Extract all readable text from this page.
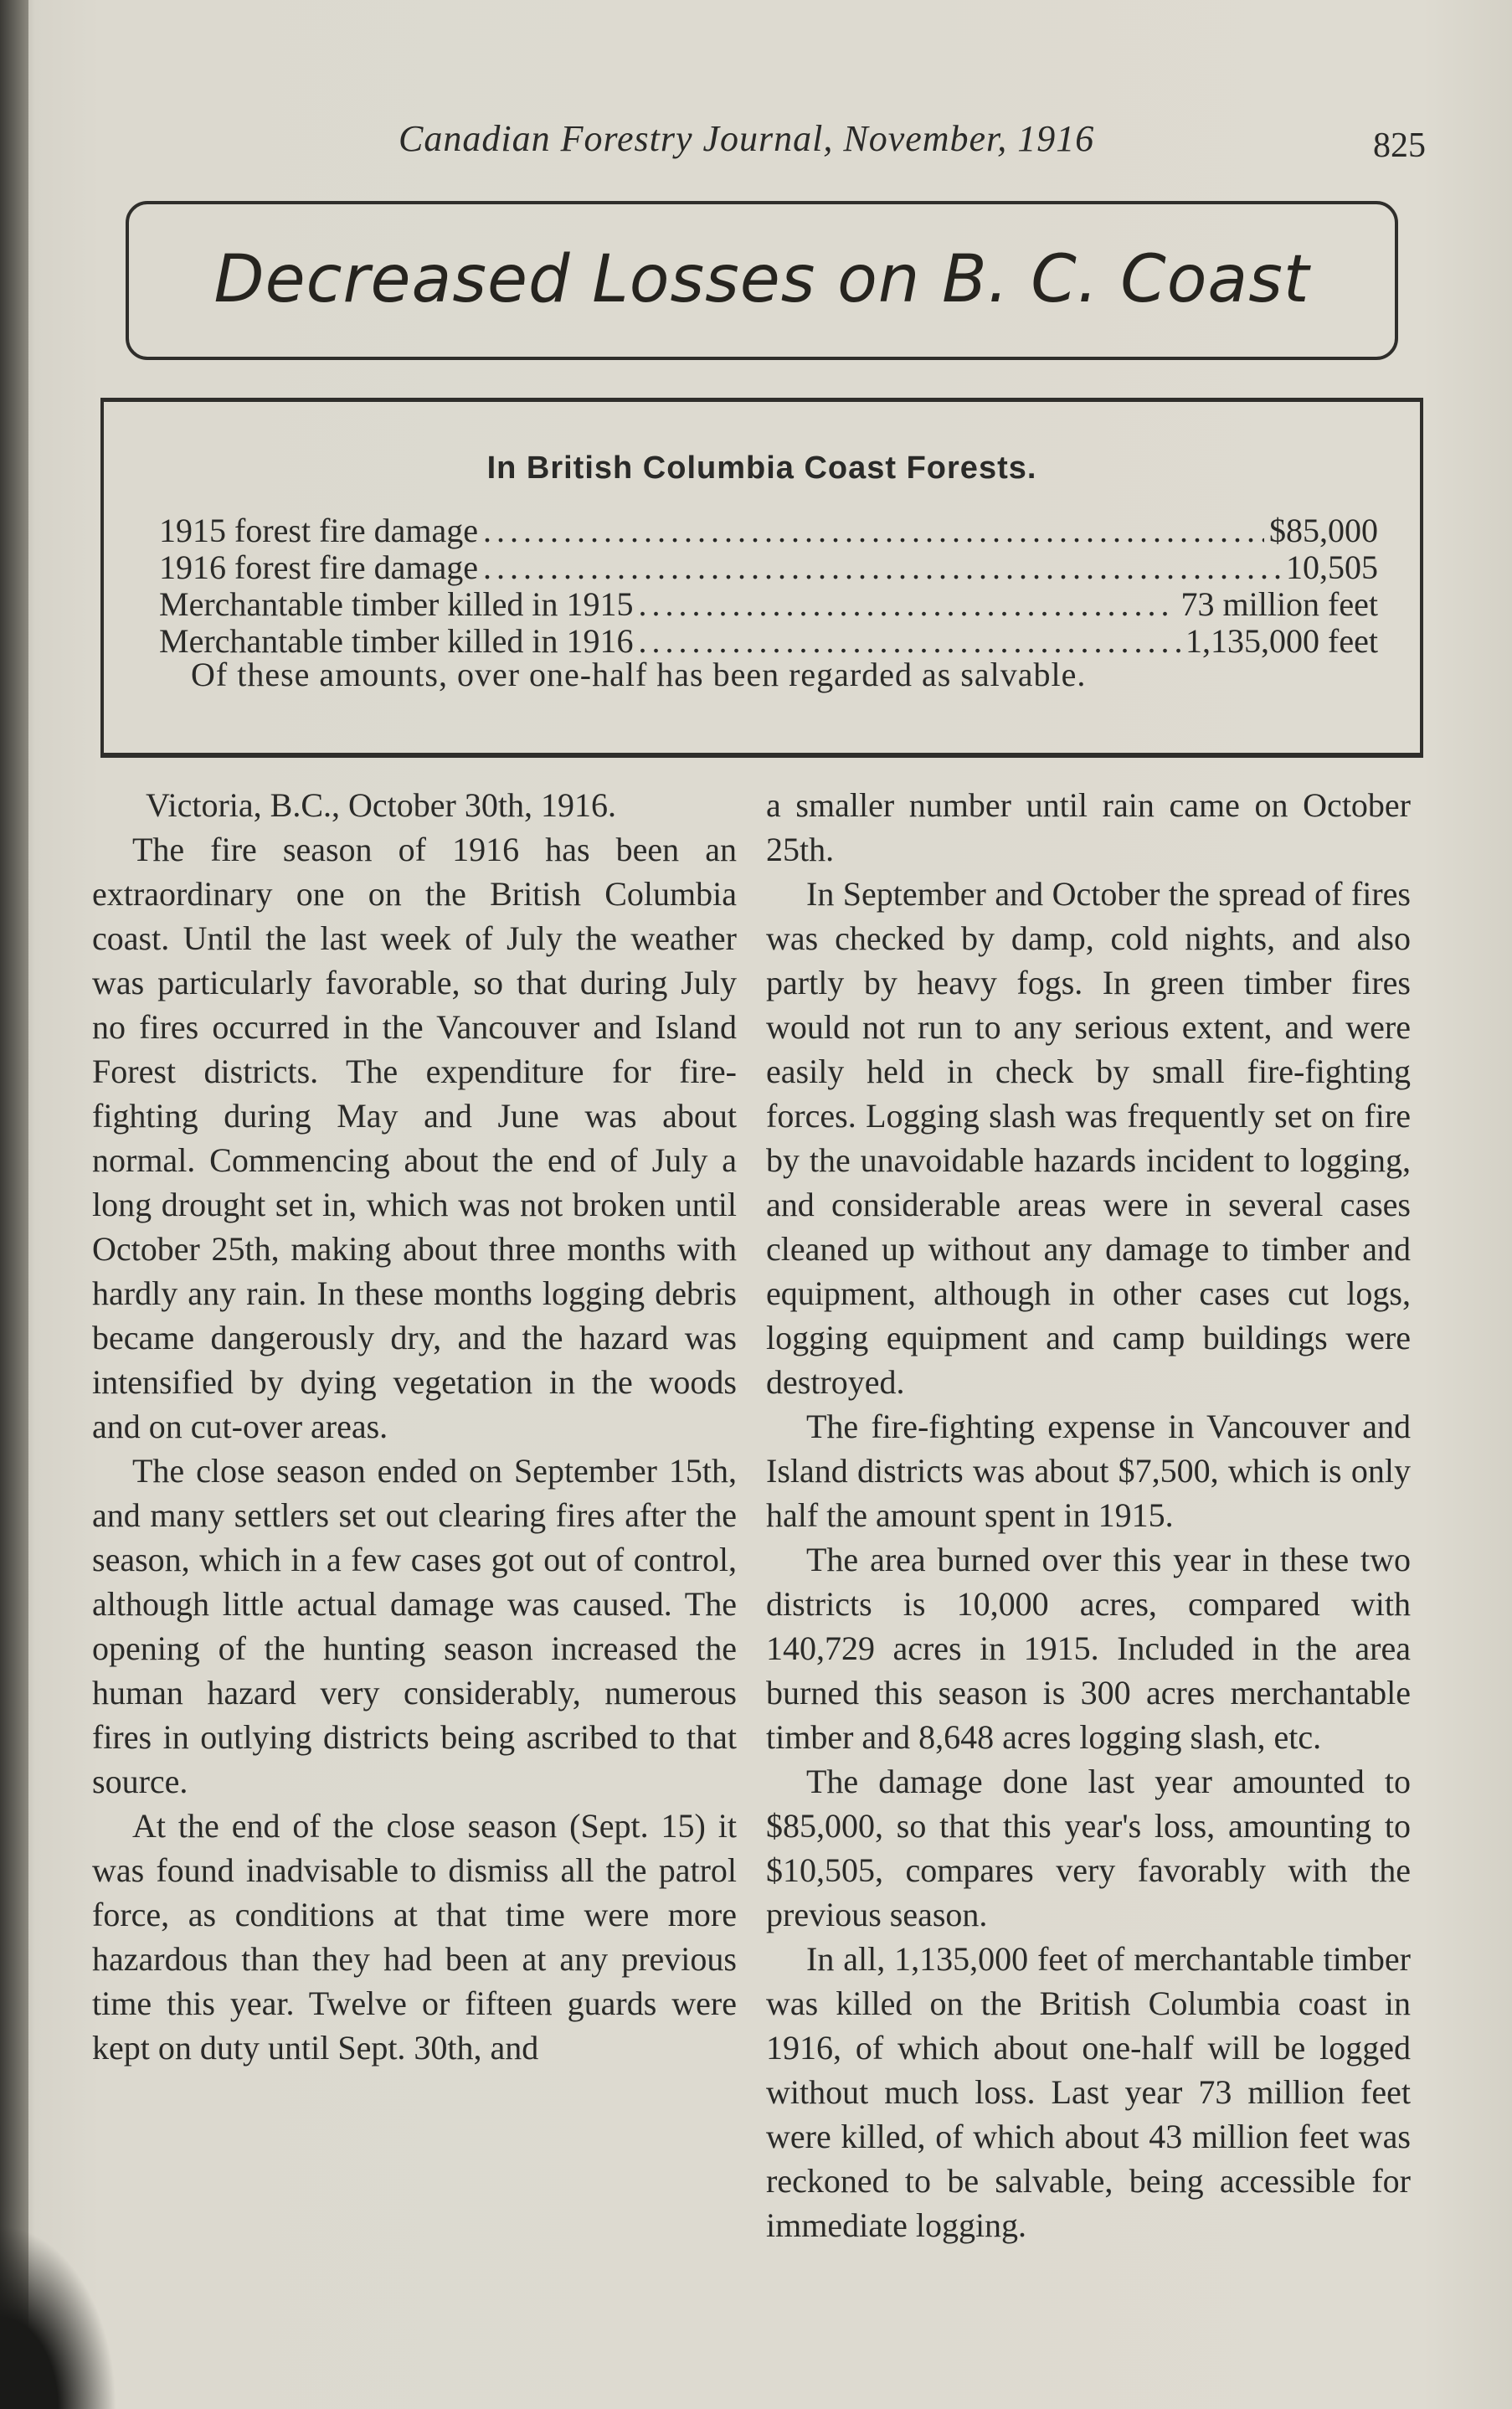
Canadian Forestry Journal, November, 1916	825
Decreased Losses on B. C. Coast
In British Columbia Coast Forests.
1915 forest fire damage . . .	$85,000
1916 forest fire damage . . .	10,505
Merchantable timber killed in 1915 . . .	73 million feet
Merchantable timber killed in 1916 . . .	1,135,000 feet
Of these amounts, over one-half has been regarded as salvable.

Victoria, B.C., October 30th, 1916.

The fire season of 1916 has been an extraordinary one on the British Columbia coast. Until the last week of July the weather was particularly favorable, so that during July no fires occurred in the Vancouver and Island Forest districts. The expenditure for fire-fighting during May and June was about normal. Commencing about the end of July a long drought set in, which was not broken until October 25th, making about three months with hardly any rain. In these months logging debris became dangerously dry, and the hazard was intensified by dying vegetation in the woods and on cut-over areas.

The close season ended on September 15th, and many settlers set out clearing fires after the season, which in a few cases got out of control, although little actual damage was caused. The opening of the hunting season increased the human hazard very considerably, numerous fires in outlying districts being ascribed to that source.

At the end of the close season (Sept. 15) it was found inadvisable to dismiss all the patrol force, as conditions at that time were more hazardous than they had been at any previous time this year. Twelve or fifteen guards were kept on duty until Sept. 30th, and

a smaller number until rain came on October 25th.

In September and October the spread of fires was checked by damp, cold nights, and also partly by heavy fogs. In green timber fires would not run to any serious extent, and were easily held in check by small fire-fighting forces. Logging slash was frequently set on fire by the unavoidable hazards incident to logging, and considerable areas were in several cases cleaned up without any damage to timber and equipment, although in other cases cut logs, logging equipment and camp buildings were destroyed.

The fire-fighting expense in Vancouver and Island districts was about $7,500, which is only half the amount spent in 1915.

The area burned over this year in these two districts is 10,000 acres, compared with 140,729 acres in 1915. Included in the area burned this season is 300 acres merchantable timber and 8,648 acres logging slash, etc.

The damage done last year amounted to $85,000, so that this year's loss, amounting to $10,505, compares very favorably with the previous season.

In all, 1,135,000 feet of merchantable timber was killed on the British Columbia coast in 1916, of which about one-half will be logged without much loss. Last year 73 million feet were killed, of which about 43 million feet was reckoned to be salvable, being accessible for immediate logging.
